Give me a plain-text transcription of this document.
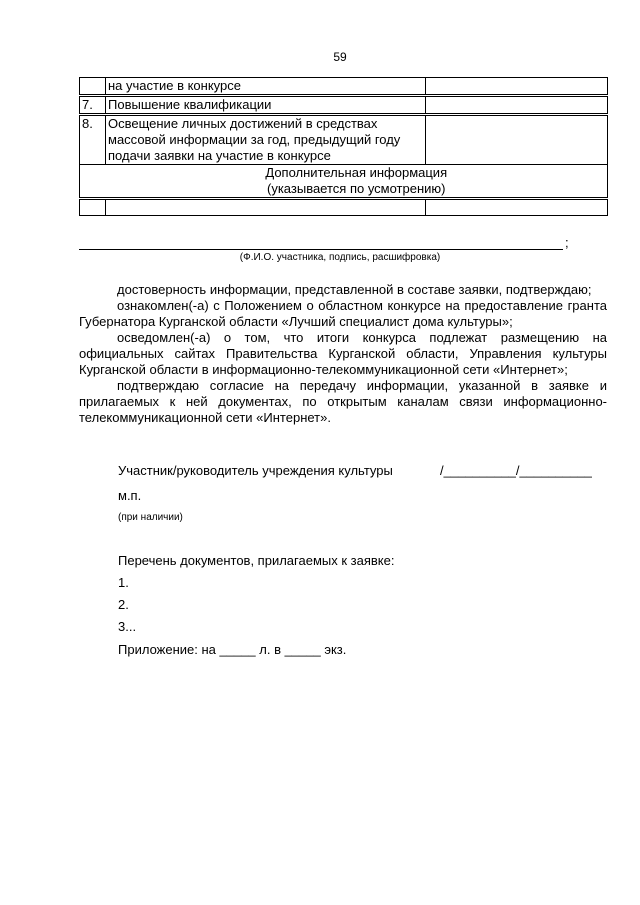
59
	на участие в конкурсе	
7.	Повышение квалификации	
8.	Освещение личных достижений в средствах массовой информации за год, предыдущий году подачи заявки на участие в конкурсе	

	Дополнительная информация
(указывается по усмотрению)	

;
(Ф.И.О. участника, подпись, расшифровка)

достоверность информации, представленной в составе заявки, подтверждаю;

ознакомлен(-а) с Положением о областном конкурсе на предоставление гранта Губернатора Курганской области «Лучший специалист дома культуры»;

осведомлен(-а) о том, что итоги конкурса подлежат размещению на официальных сайтах Правительства Курганской области, Управления культуры Курганской области в информационно-телекоммуникационной сети «Интернет»;

подтверждаю согласие на передачу информации, указанной в заявке и прилагаемых к ней документах, по открытым каналам связи информационно-телекоммуникационной сети «Интернет».

Участник/руководитель учреждения культуры	/__________/__________
м.п.
(при наличии)
Перечень документов, прилагаемых к заявке:
1.
2.
3...
Приложение: на _____ л. в _____ экз.
